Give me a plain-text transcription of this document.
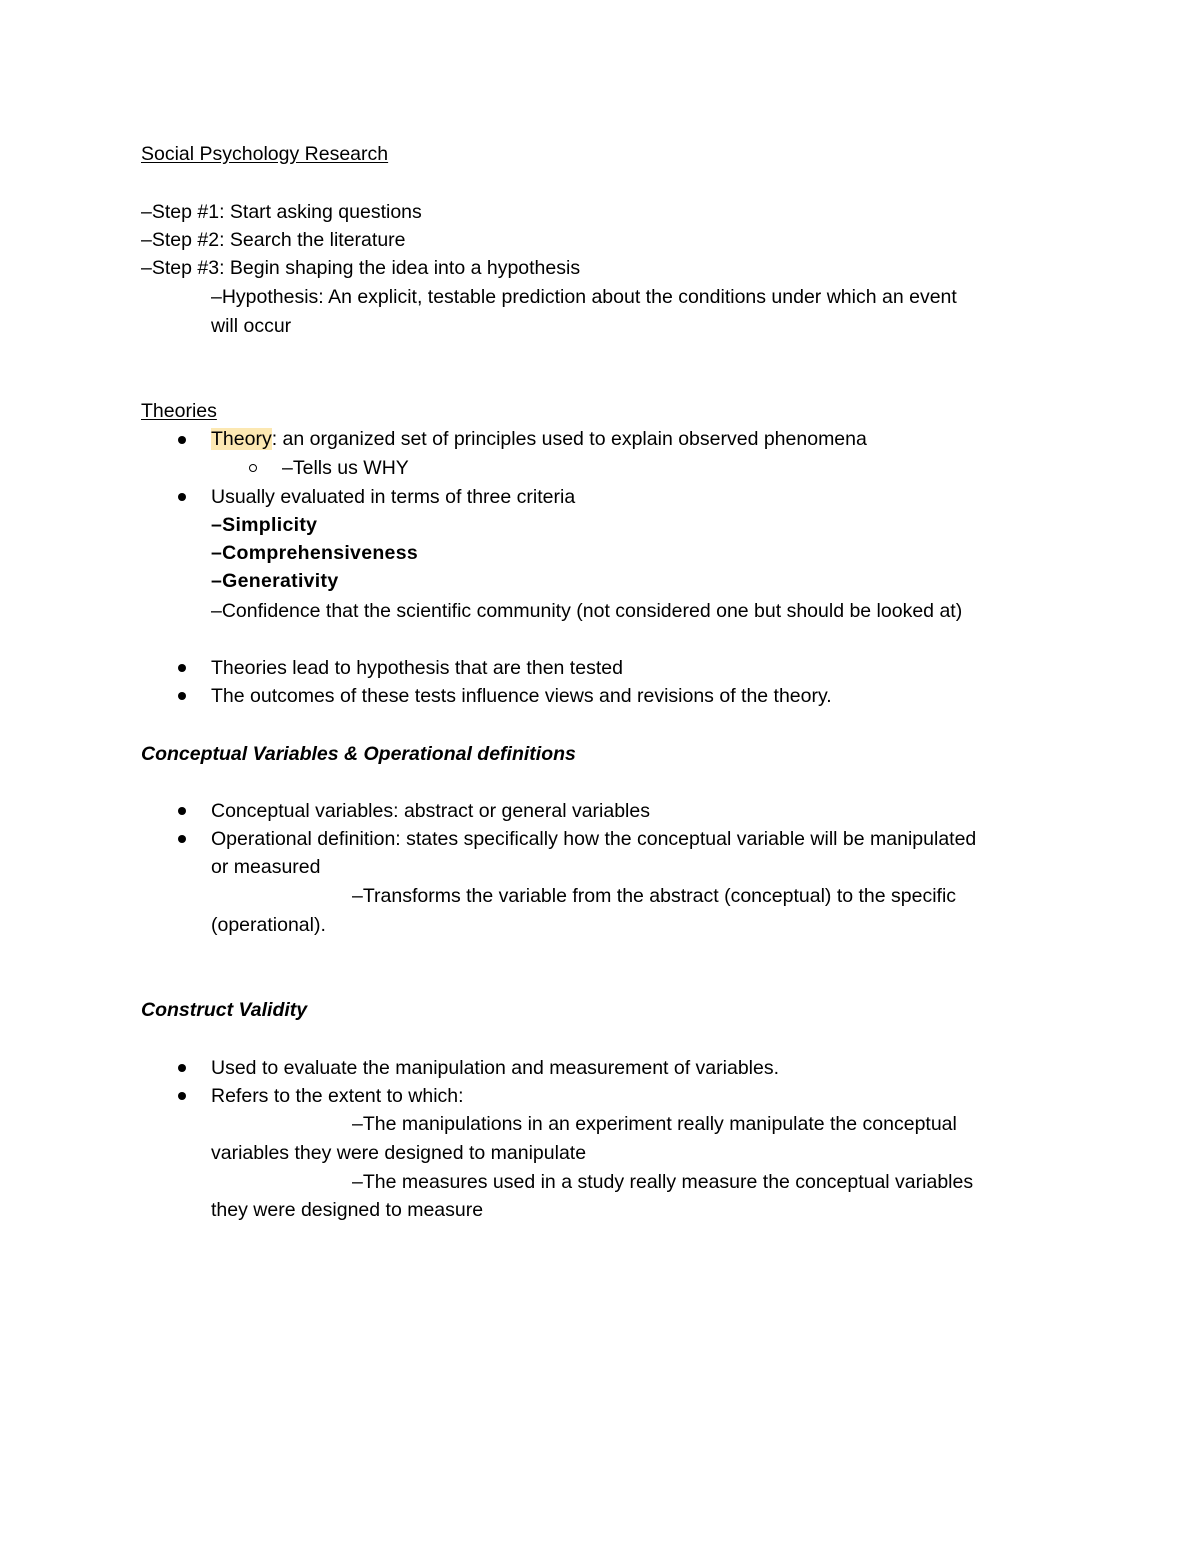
Social Psychology Research
–Step #1: Start asking questions
–Step #2: Search the literature
–Step #3: Begin shaping the idea into a hypothesis
–Hypothesis: An explicit, testable prediction about the conditions under which an event
will occur
Theories
Theory: an organized set of principles used to explain observed phenomena
–Tells us WHY
Usually evaluated in terms of three criteria
–Simplicity
–Comprehensiveness
–Generativity
–Confidence that the scientific community (not considered one but should be looked at)
Theories lead to hypothesis that are then tested
The outcomes of these tests influence views and revisions of the theory.
Conceptual Variables & Operational definitions
Conceptual variables: abstract or general variables
Operational definition: states specifically how the conceptual variable will be manipulated
or measured
–Transforms the variable from the abstract (conceptual) to the specific
(operational).
Construct Validity
Used to evaluate the manipulation and measurement of variables.
Refers to the extent to which:
–The manipulations in an experiment really manipulate the conceptual
variables they were designed to manipulate
–The measures used in a study really measure the conceptual variables
they were designed to measure
